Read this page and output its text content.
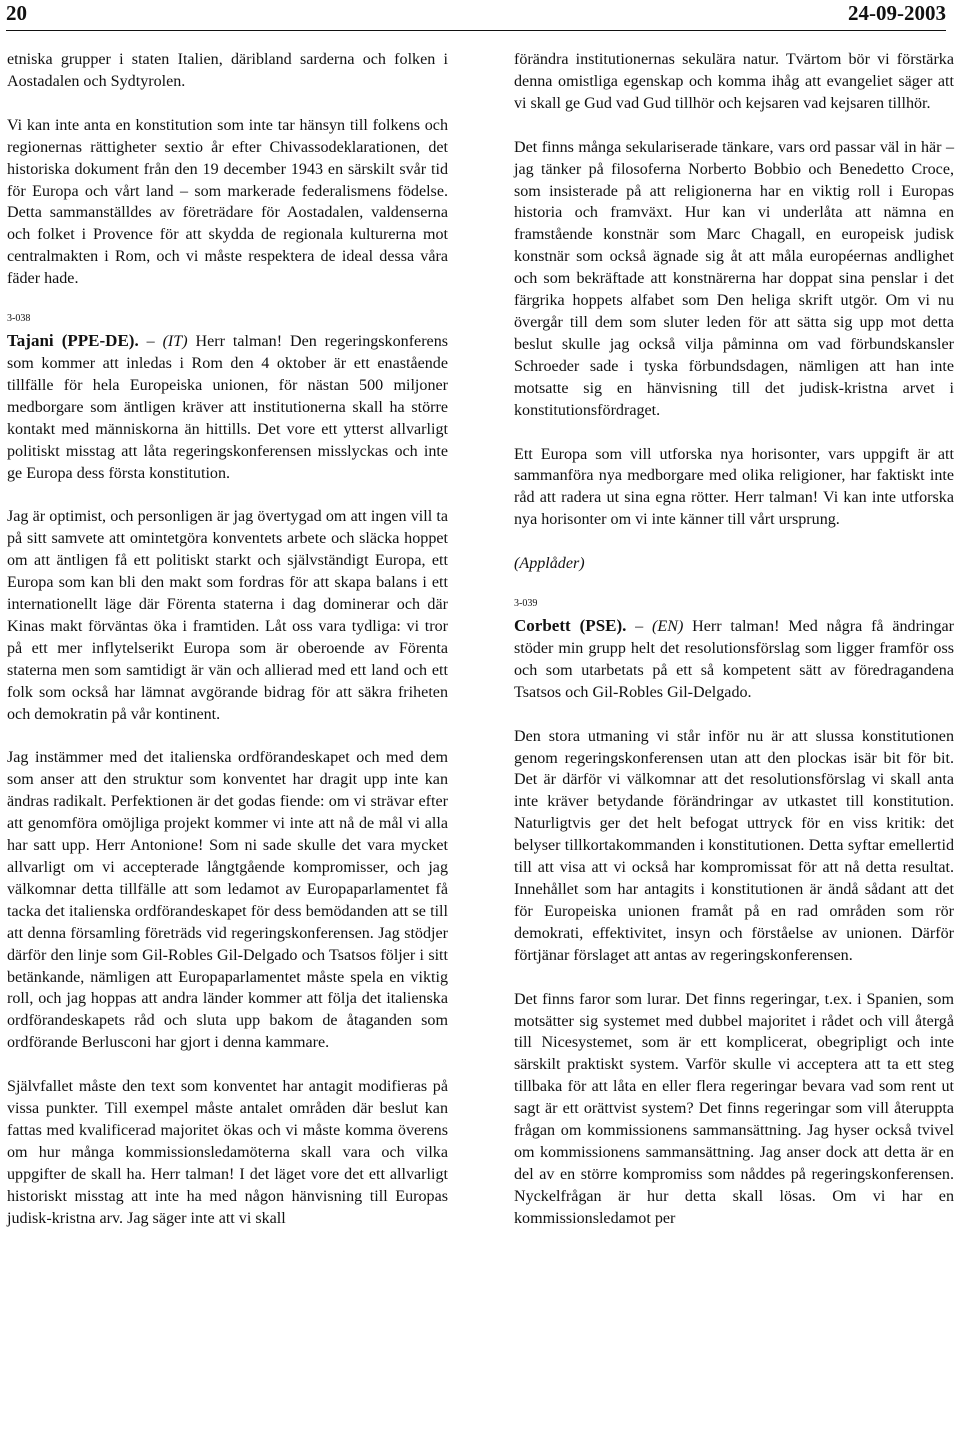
20	24-09-2003

etniska grupper i staten Italien, däribland sarderna och folken i Aostadalen och Sydtyrolen.

Vi kan inte anta en konstitution som inte tar hänsyn till folkens och regionernas rättigheter sextio år efter Chivassodeklarationen, det historiska dokument från den 19 december 1943 en särskilt svår tid för Europa och vårt land – som markerade federalismens födelse. Detta sammanställdes av företrädare för Aostadalen, valdenserna och folket i Provence för att skydda de regionala kulturerna mot centralmakten i Rom, och vi måste respektera de ideal dessa våra fäder hade.

3-038

Tajani (PPE-DE). – (IT) Herr talman! Den regeringskonferens som kommer att inledas i Rom den 4 oktober är ett enastående tillfälle för hela Europeiska unionen, för nästan 500 miljoner medborgare som äntligen kräver att institutionerna skall ha större kontakt med människorna än hittills. Det vore ett ytterst allvarligt politiskt misstag att låta regeringskonferensen misslyckas och inte ge Europa dess första konstitution.

Jag är optimist, och personligen är jag övertygad om att ingen vill ta på sitt samvete att omintetgöra konventets arbete och släcka hoppet om att äntligen få ett politiskt starkt och självständigt Europa, ett Europa som kan bli den makt som fordras för att skapa balans i ett internationellt läge där Förenta staterna i dag dominerar och där Kinas makt förväntas öka i framtiden. Låt oss vara tydliga: vi tror på ett mer inflytelserikt Europa som är oberoende av Förenta staterna men som samtidigt är vän och allierad med ett land och ett folk som också har lämnat avgörande bidrag för att säkra friheten och demokratin på vår kontinent.

Jag instämmer med det italienska ordförandeskapet och med dem som anser att den struktur som konventet har dragit upp inte kan ändras radikalt. Perfektionen är det godas fiende: om vi strävar efter att genomföra omöjliga projekt kommer vi inte att nå de mål vi alla har satt upp. Herr Antonione! Som ni sade skulle det vara mycket allvarligt om vi accepterade långtgående kompromisser, och jag välkomnar detta tillfälle att som ledamot av Europaparlamentet få tacka det italienska ordförandeskapet för dess bemödanden att se till att denna församling företräds vid regeringskonferensen. Jag stödjer därför den linje som Gil-Robles Gil-Delgado och Tsatsos följer i sitt betänkande, nämligen att Europaparlamentet måste spela en viktig roll, och jag hoppas att andra länder kommer att följa det italienska ordförandeskapets råd och sluta upp bakom de åtaganden som ordförande Berlusconi har gjort i denna kammare.

Självfallet måste den text som konventet har antagit modifieras på vissa punkter. Till exempel måste antalet områden där beslut kan fattas med kvalificerad majoritet ökas och vi måste komma överens om hur många kommissionsledamöterna skall vara och vilka uppgifter de skall ha. Herr talman! I det läget vore det ett allvarligt historiskt misstag att inte ha med någon hänvisning till Europas judisk-kristna arv. Jag säger inte att vi skall

förändra institutionernas sekulära natur. Tvärtom bör vi förstärka denna omistliga egenskap och komma ihåg att evangeliet säger att vi skall ge Gud vad Gud tillhör och kejsaren vad kejsaren tillhör.

Det finns många sekulariserade tänkare, vars ord passar väl in här – jag tänker på filosoferna Norberto Bobbio och Benedetto Croce, som insisterade på att religionerna har en viktig roll i Europas historia och framväxt. Hur kan vi underlåta att nämna en framstående konstnär som Marc Chagall, en europeisk judisk konstnär som också ägnade sig åt att måla européernas andlighet och som bekräftade att konstnärerna har doppat sina penslar i det färgrika hoppets alfabet som Den heliga skrift utgör. Om vi nu övergår till dem som sluter leden för att sätta sig upp mot detta beslut skulle jag också vilja påminna om vad förbundskansler Schroeder sade i tyska förbundsdagen, nämligen att han inte motsatte sig en hänvisning till det judisk-kristna arvet i konstitutionsfördraget.

Ett Europa som vill utforska nya horisonter, vars uppgift är att sammanföra nya medborgare med olika religioner, har faktiskt inte råd att radera ut sina egna rötter. Herr talman! Vi kan inte utforska nya horisonter om vi inte känner till vårt ursprung.

(Applåder)

3-039

Corbett (PSE). – (EN) Herr talman! Med några få ändringar stöder min grupp helt det resolutionsförslag som ligger framför oss och som utarbetats på ett så kompetent sätt av föredragandena Tsatsos och Gil-Robles Gil-Delgado.

Den stora utmaning vi står inför nu är att slussa konstitutionen genom regeringskonferensen utan att den plockas isär bit för bit. Det är därför vi välkomnar att det resolutionsförslag vi skall anta inte kräver betydande förändringar av utkastet till konstitution. Naturligtvis ger det helt befogat uttryck för en viss kritik: det belyser tillkortakommanden i konstitutionen. Detta syftar emellertid till att visa att vi också har kompromissat för att nå detta resultat. Innehållet som har antagits i konstitutionen är ändå sådant att det för Europeiska unionen framåt på en rad områden som rör demokrati, effektivitet, insyn och förståelse av unionen. Därför förtjänar förslaget att antas av regeringskonferensen.

Det finns faror som lurar. Det finns regeringar, t.ex. i Spanien, som motsätter sig systemet med dubbel majoritet i rådet och vill återgå till Nicesystemet, som är ett komplicerat, obegripligt och inte särskilt praktiskt system. Varför skulle vi acceptera att ta ett steg tillbaka för att låta en eller flera regeringar bevara vad som rent ut sagt är ett orättvist system? Det finns regeringar som vill återuppta frågan om kommissionens sammansättning. Jag hyser också tvivel om kommissionens sammansättning. Jag anser dock att detta är en del av en större kompromiss som nåddes på regeringskonferensen. Nyckelfrågan är hur detta skall lösas. Om vi har en kommissionsledamot per
